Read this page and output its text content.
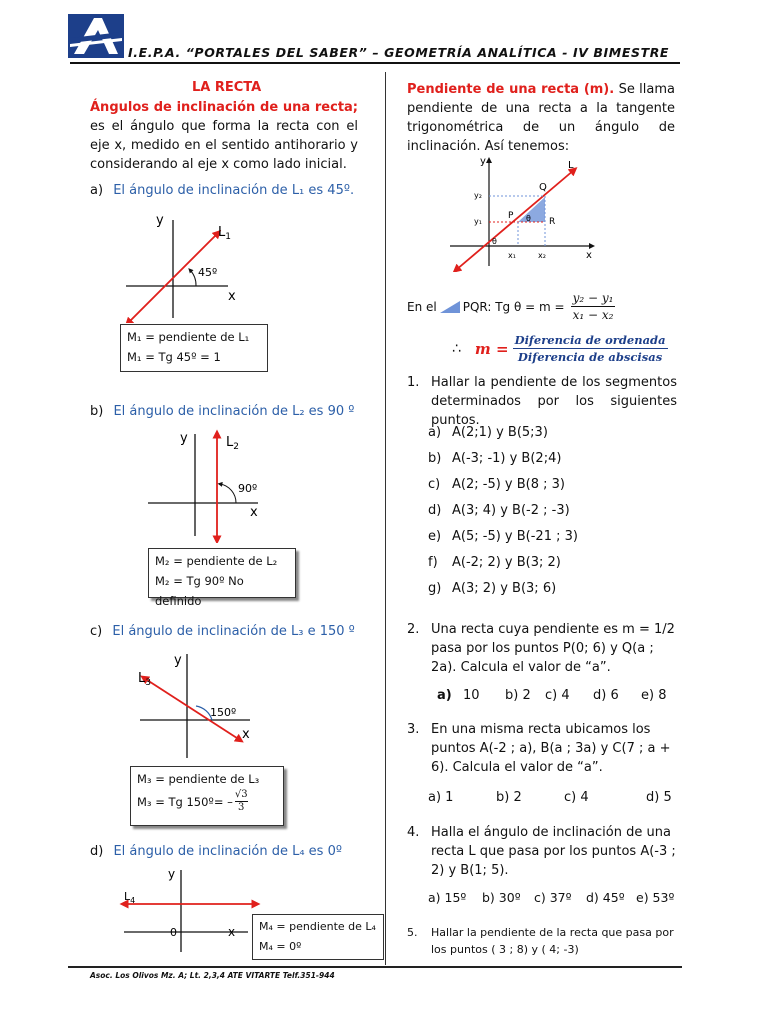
I.E.P.A. “PORTALES DEL SABER” – GEOMETRÍA ANALÍTICA - IV BIMESTRE
LA RECTA
Ángulos de inclinación de una recta; es el ángulo que forma la recta con el eje x, medido en el sentido antihorario y considerando al eje x como lado inicial.
a) El ángulo de inclinación de L₁ es 45º.
y
x
45º
$L_1$
M₁ = pendiente de L₁
M₁ = Tg 45º = 1
b) El ángulo de inclinación de L₂ es 90 º
y
x
90º
$L_2$
M₂ = pendiente de L₂
M₂ = Tg 90º No definido
c) El ángulo de inclinación de L₃ e 150 º
y
x
150º
$L_3$
M₃ = pendiente de L₃
M₃ = Tg 150º= – $\frac{√3}{3}$
d) El ángulo de inclinación de L₄ es 0º
y
x
0
$L_4$
M₄ = pendiente de L₄
M₄ = 0º
Pendiente de una recta (m). Se llama pendiente de una recta a la tangente trigonométrica de un ángulo de inclinación. Así tenemos:
y
x
L
Q
P
R
θ
θ
y₂
y₁
x₁	x₂
En el PQR: Tg $\theta = m = \frac{\text{y₂ − y₁}}{\text{x₁ − x₂}}$
∴ m = Diferencia de ordenada
Diferencia de abscisas
1. Hallar la pendiente de los segmentos determinados por los siguientes puntos.
a) A(2;1) y B(5;3)
b) A(-3; -1) y B(2;4)
c) A(2; -5) y B(8 ; 3)
d) A(3; 4) y B(-2 ; -3)
e) A(5; -5) y B(-21 ; 3)
f) A(-2; 2) y B(3; 2)
g) A(3; 2) y B(3; 6)
2. Una recta cuya pendiente es m = 1/2 pasa por los puntos P(0; 6) y Q(a ; 2a). Calcula el valor de “a”.
a) 10 b) 2 c) 4 d) 6 e) 8
3. En una misma recta ubicamos los puntos A(-2 ; a), B(a ; 3a) y C(7 ; a + 6). Calcula el valor de “a”.
a) 1	b) 2	c) 4	d) 5
4. Halla el ángulo de inclinación de una recta L que pasa por los puntos A(-3 ; 2) y B(1; 5).
a) 15º b) 30º c) 37º d) 45º e) 53º
5.	Hallar la pendiente de la recta que pasa por los puntos ( 3 ; 8) y ( 4; -3)
Asoc. Los Olivos Mz. A; Lt. 2,3,4 ATE VITARTE Telf.351-944
